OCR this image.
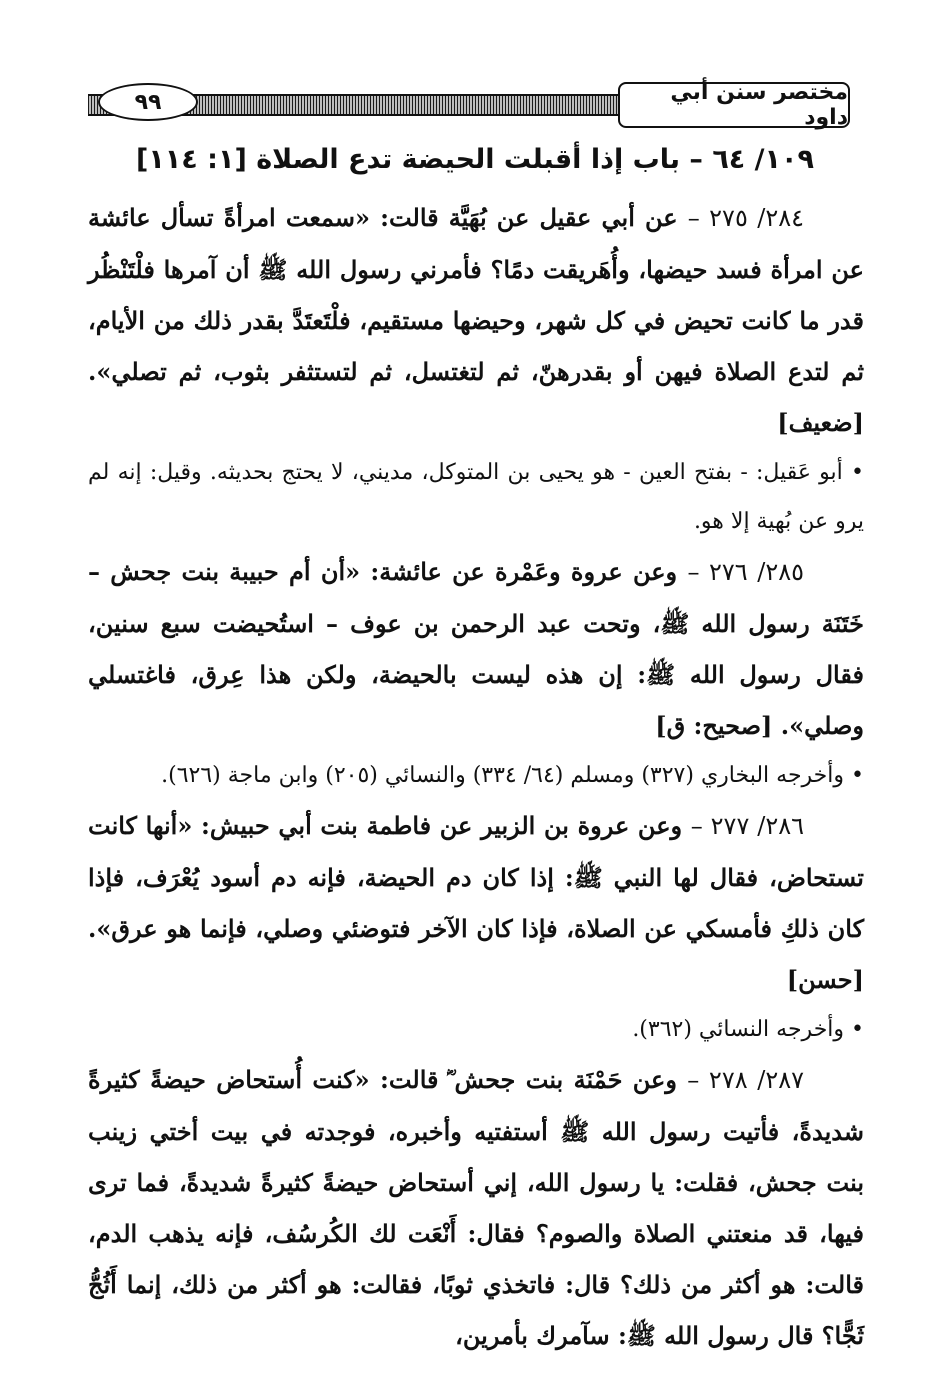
مختصر سنن أبي داود
٩٩
١٠٩/ ٦٤ – باب إذا أقبلت الحيضة تدع الصلاة [١: ١١٤]

٢٨٤/ ٢٧٥ – عن أبي عقيل عن بُهَيَّة قالت: «سمعت امرأةً تسأل عائشة عن امرأة فسد حيضها، وأُهَريقت دمًا؟ فأمرني رسول الله ﷺ أن آمرها فلْتَنْظُر قدر ما كانت تحيض في كل شهر، وحيضها مستقيم، فلْتَعتَدَّ بقدر ذلك من الأيام، ثم لتدع الصلاة فيهن أو بقدرهنّ، ثم لتغتسل، ثم لتستثفر بثوب، ثم تصلي». [ضعيف]

• أبو عَقيل: - بفتح العين - هو يحيى بن المتوكل، مديني، لا يحتج بحديثه. وقيل: إنه لم يرو عن بُهية إلا هو.

٢٨٥/ ٢٧٦ – وعن عروة وعَمْرة عن عائشة: «أن أم حبيبة بنت جحش – خَتَنَة رسول الله ﷺ، وتحت عبد الرحمن بن عوف – استُحيضت سبع سنين، فقال رسول الله ﷺ: إن هذه ليست بالحيضة، ولكن هذا عِرق، فاغتسلي وصلي». [صحيح: ق]

• وأخرجه البخاري (٣٢٧) ومسلم (٦٤/ ٣٣٤) والنسائي (٢٠٥) وابن ماجة (٦٢٦).

٢٨٦/ ٢٧٧ – وعن عروة بن الزبير عن فاطمة بنت أبي حبيش: «أنها كانت تستحاض، فقال لها النبي ﷺ: إذا كان دم الحيضة، فإنه دم أسود يُعْرَف، فإذا كان ذلكِ فأمسكي عن الصلاة، فإذا كان الآخر فتوضئي وصلي، فإنما هو عرق». [حسن]

• وأخرجه النسائي (٣٦٢).

٢٨٧/ ٢٧٨ – وعن حَمْنَة بنت جحش ؓ قالت: «كنت أُستحاض حيضةً كثيرةً شديدةً، فأتيت رسول الله ﷺ أستفتيه وأخبره، فوجدته في بيت أختي زينب بنت جحش، فقلت: يا رسول الله، إني أستحاض حيضةً كثيرةً شديدةً، فما ترى فيها، قد منعتني الصلاة والصوم؟ فقال: أَنْعَت لك الكُرسُف، فإنه يذهب الدم، قالت: هو أكثر من ذلك؟ قال: فاتخذي ثوبًا، فقالت: هو أكثر من ذلك، إنما أَثُجُّ ثَجًّا؟ قال رسول الله ﷺ: سآمرك بأمرين،
